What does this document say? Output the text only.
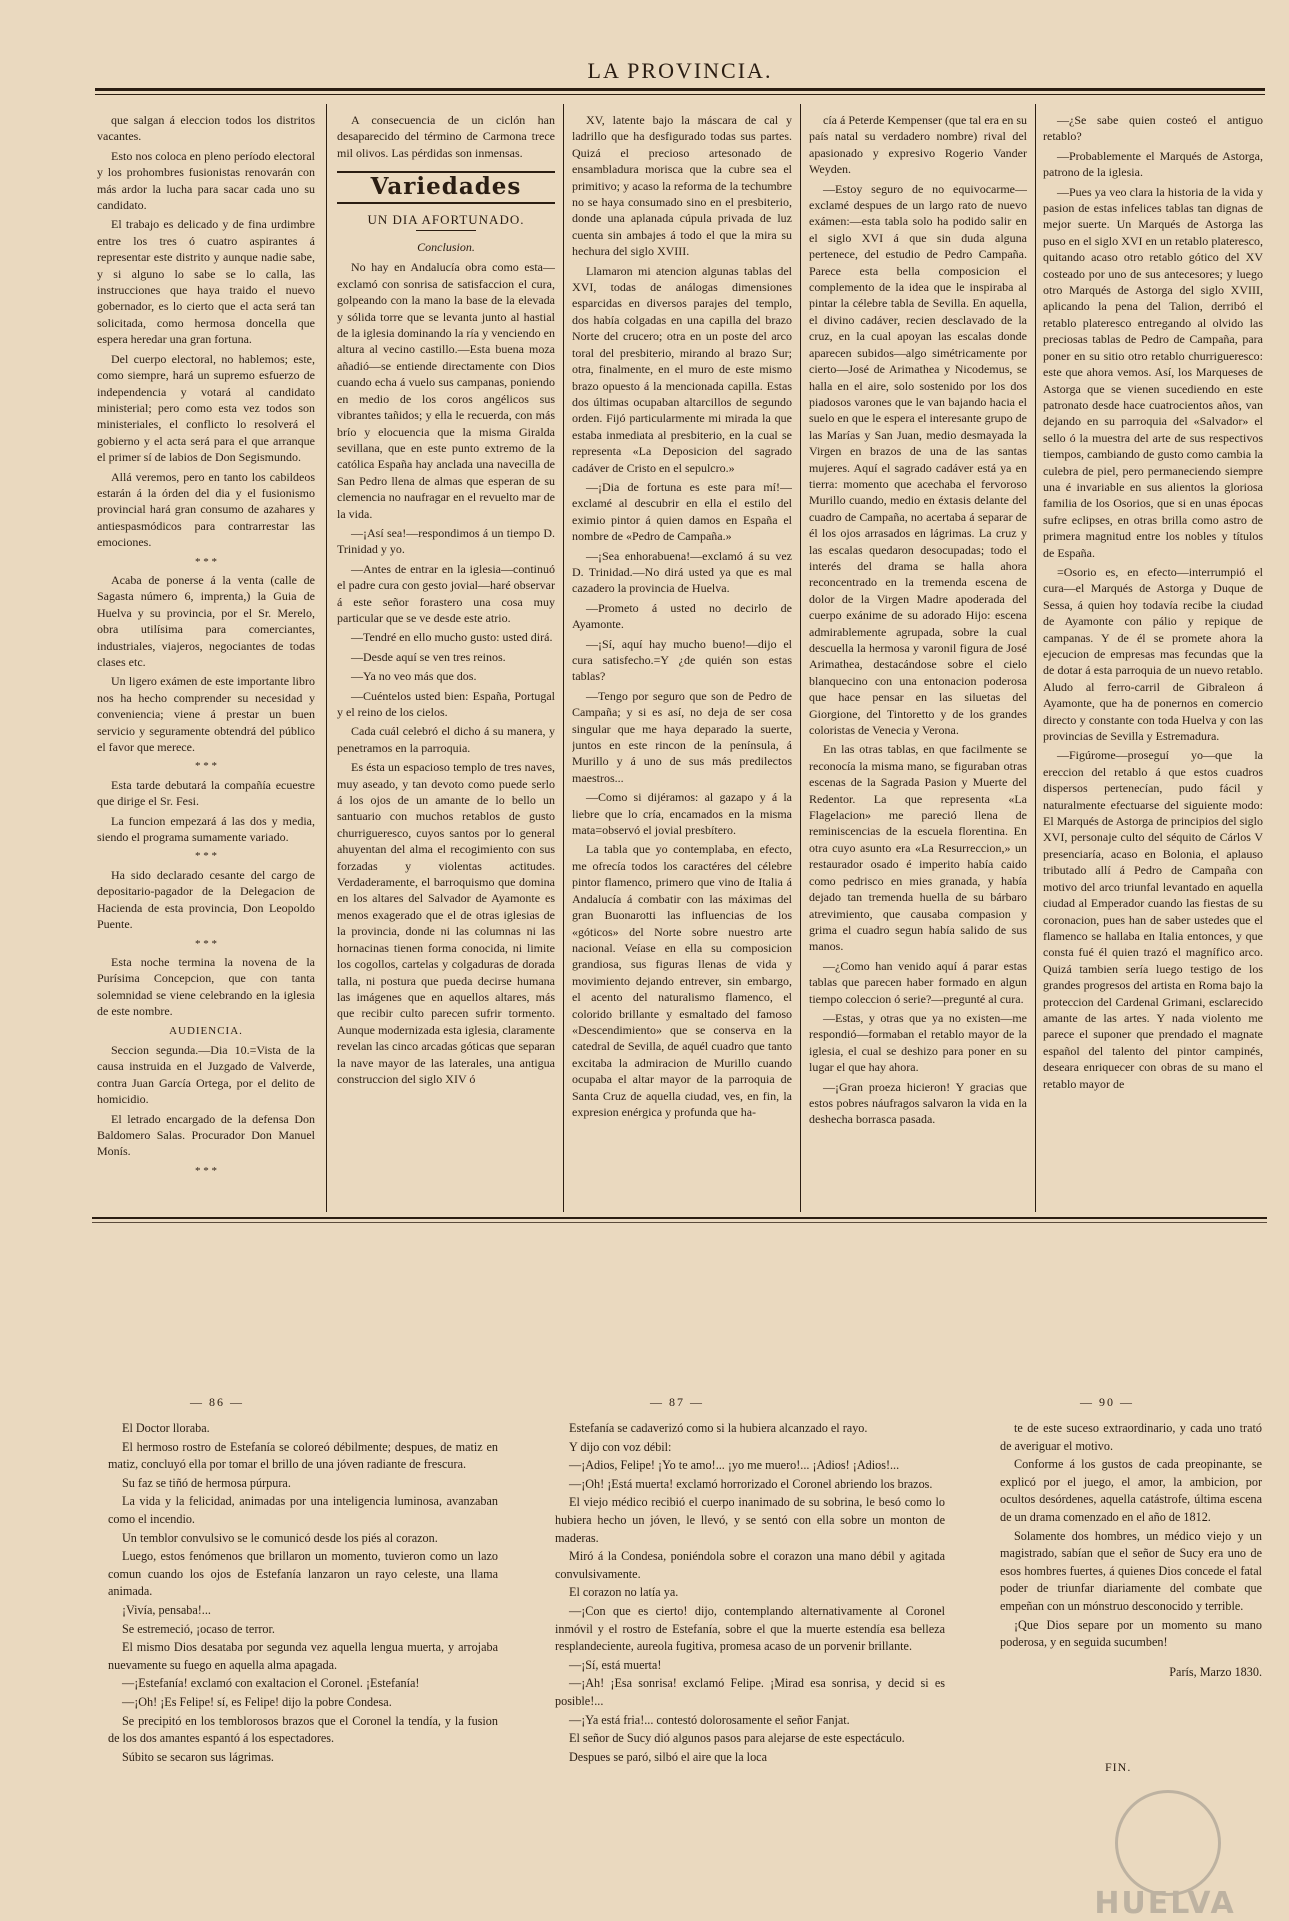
LA PROVINCIA.

que salgan á eleccion todos los distritos vacantes.

Esto nos coloca en pleno período electoral y los prohombres fusionistas renovarán con más ardor la lucha para sacar cada uno su candidato.

El trabajo es delicado y de fina urdimbre entre los tres ó cuatro aspirantes á representar este distrito y aunque nadie sabe, y si alguno lo sabe se lo calla, las instrucciones que haya traido el nuevo gobernador, es lo cierto que el acta será tan solicitada, como hermosa doncella que espera heredar una gran fortuna.

Del cuerpo electoral, no hablemos; este, como siempre, hará un supremo esfuerzo de independencia y votará al candidato ministerial; pero como esta vez todos son ministeriales, el conflicto lo resolverá el gobierno y el acta será para el que arranque el primer sí de labios de Don Segismundo.

Allá veremos, pero en tanto los cabildeos estarán á la órden del dia y el fusionismo provincial hará gran consumo de azahares y antiespasmódicos para contrarrestar las emociones.

* * *

Acaba de ponerse á la venta (calle de Sagasta número 6, imprenta,) la Guia de Huelva y su provincia, por el Sr. Merelo, obra utilísima para comerciantes, industriales, viajeros, negociantes de todas clases etc.

Un ligero exámen de este importante libro nos ha hecho comprender su necesidad y conveniencia; viene á prestar un buen servicio y seguramente obtendrá del público el favor que merece.

* * *

Esta tarde debutará la compañía ecuestre que dirige el Sr. Fesi.

La funcion empezará á las dos y media, siendo el programa sumamente variado.

* * *

Ha sido declarado cesante del cargo de depositario-pagador de la Delegacion de Hacienda de esta provincia, Don Leopoldo Puente.

* * *

Esta noche termina la novena de la Purísima Concepcion, que con tanta solemnidad se viene celebrando en la iglesia de este nombre.

AUDIENCIA.

Seccion segunda.—Dia 10.=Vista de la causa instruida en el Juzgado de Valverde, contra Juan García Ortega, por el delito de homicidio.

El letrado encargado de la defensa Don Baldomero Salas. Procurador Don Manuel Monís.

* * *

A consecuencia de un ciclón han desaparecido del término de Carmona trece mil olivos. Las pérdidas son inmensas.

Variedades
UN DIA AFORTUNADO.
Conclusion.

No hay en Andalucía obra como esta—exclamó con sonrisa de satisfaccion el cura, golpeando con la mano la base de la elevada y sólida torre que se levanta junto al hastial de la iglesia dominando la ría y venciendo en altura al vecino castillo.—Esta buena moza añadió—se entiende directamente con Dios cuando echa á vuelo sus campanas, poniendo en medio de los coros angélicos sus vibrantes tañidos; y ella le recuerda, con más brío y elocuencia que la misma Giralda sevillana, que en este punto extremo de la católica España hay anclada una navecilla de San Pedro llena de almas que esperan de su clemencia no naufragar en el revuelto mar de la vida.

—¡Así sea!—respondimos á un tiempo D. Trinidad y yo.

—Antes de entrar en la iglesia—continuó el padre cura con gesto jovial—haré observar á este señor forastero una cosa muy particular que se ve desde este atrio.

—Tendré en ello mucho gusto: usted dirá.

—Desde aquí se ven tres reinos.

—Ya no veo más que dos.

—Cuéntelos usted bien: España, Portugal y el reino de los cielos.

Cada cuál celebró el dicho á su manera, y penetramos en la parroquia.

Es ésta un espacioso templo de tres naves, muy aseado, y tan devoto como puede serlo á los ojos de un amante de lo bello un santuario con muchos retablos de gusto churrigueresco, cuyos santos por lo general ahuyentan del alma el recogimiento con sus forzadas y violentas actitudes. Verdaderamente, el barroquismo que domina en los altares del Salvador de Ayamonte es menos exagerado que el de otras iglesias de la provincia, donde ni las columnas ni las hornacinas tienen forma conocida, ni limite los cogollos, cartelas y colgaduras de dorada talla, ni postura que pueda decirse humana las imágenes que en aquellos altares, más que recibir culto parecen sufrir tormento. Aunque modernizada esta iglesia, claramente revelan las cinco arcadas góticas que separan la nave mayor de las laterales, una antigua construccion del siglo XIV ó

XV, latente bajo la máscara de cal y ladrillo que ha desfigurado todas sus partes. Quizá el precioso artesonado de ensambladura morisca que la cubre sea el primitivo; y acaso la reforma de la techumbre no se haya consumado sino en el presbiterio, donde una aplanada cúpula privada de luz cuenta sin ambajes á todo el que la mira su hechura del siglo XVIII.

Llamaron mi atencion algunas tablas del XVI, todas de análogas dimensiones esparcidas en diversos parajes del templo, dos había colgadas en una capilla del brazo Norte del crucero; otra en un poste del arco toral del presbiterio, mirando al brazo Sur; otra, finalmente, en el muro de este mismo brazo opuesto á la mencionada capilla. Estas dos últimas ocupaban altarcillos de segundo orden. Fijó particularmente mi mirada la que estaba inmediata al presbiterio, en la cual se representa «La Deposicion del sagrado cadáver de Cristo en el sepulcro.»

—¡Dia de fortuna es este para mí!—exclamé al descubrir en ella el estilo del eximio pintor á quien damos en España el nombre de «Pedro de Campaña.»

—¡Sea enhorabuena!—exclamó á su vez D. Trinidad.—No dirá usted ya que es mal cazadero la provincia de Huelva.

—Prometo á usted no decirlo de Ayamonte.

—¡Sí, aquí hay mucho bueno!—dijo el cura satisfecho.=Y ¿de quién son estas tablas?

—Tengo por seguro que son de Pedro de Campaña; y si es así, no deja de ser cosa singular que me haya deparado la suerte, juntos en este rincon de la península, á Murillo y á uno de sus más predilectos maestros...

—Como si dijéramos: al gazapo y á la liebre que lo cría, encamados en la misma mata=observó el jovial presbítero.

La tabla que yo contemplaba, en efecto, me ofrecía todos los caractéres del célebre pintor flamenco, primero que vino de Italia á Andalucía á combatir con las máximas del gran Buonarotti las influencias de los «góticos» del Norte sobre nuestro arte nacional. Veíase en ella su composicion grandiosa, sus figuras llenas de vida y movimiento dejando entrever, sin embargo, el acento del naturalismo flamenco, el colorido brillante y esmaltado del famoso «Descendimiento» que se conserva en la catedral de Sevilla, de aquél cuadro que tanto excitaba la admiracion de Murillo cuando ocupaba el altar mayor de la parroquia de Santa Cruz de aquella ciudad, ves, en fin, la expresion enérgica y profunda que ha-

cía á Peterde Kempenser (que tal era en su país natal su verdadero nombre) rival del apasionado y expresivo Rogerio Vander Weyden.

—Estoy seguro de no equivocarme—exclamé despues de un largo rato de nuevo exámen:—esta tabla solo ha podido salir en el siglo XVI á que sin duda alguna pertenece, del estudio de Pedro Campaña. Parece esta bella composicion el complemento de la idea que le inspiraba al pintar la célebre tabla de Sevilla. En aquella, el divino cadáver, recien desclavado de la cruz, en la cual apoyan las escalas donde aparecen subidos—algo simétricamente por cierto—José de Arimathea y Nicodemus, se halla en el aire, solo sostenido por los dos piadosos varones que le van bajando hacia el suelo en que le espera el interesante grupo de las Marías y San Juan, medio desmayada la Virgen en brazos de una de las santas mujeres. Aquí el sagrado cadáver está ya en tierra: momento que acechaba el fervoroso Murillo cuando, medio en éxtasis delante del cuadro de Campaña, no acertaba á separar de él los ojos arrasados en lágrimas. La cruz y las escalas quedaron desocupadas; todo el interés del drama se halla ahora reconcentrado en la tremenda escena de dolor de la Virgen Madre apoderada del cuerpo exánime de su adorado Hijo: escena admirablemente agrupada, sobre la cual descuella la hermosa y varonil figura de José Arimathea, destacándose sobre el cielo blanquecino con una entonacion poderosa que hace pensar en las siluetas del Giorgione, del Tintoretto y de los grandes coloristas de Venecia y Verona.

En las otras tablas, en que facilmente se reconocía la misma mano, se figuraban otras escenas de la Sagrada Pasion y Muerte del Redentor. La que representa «La Flagelacion» me pareció llena de reminiscencias de la escuela florentina. En otra cuyo asunto era «La Resurreccion,» un restaurador osado é imperito había caido como pedrisco en mies granada, y había dejado tan tremenda huella de su bárbaro atrevimiento, que causaba compasion y grima el cuadro segun había salido de sus manos.

—¿Como han venido aquí á parar estas tablas que parecen haber formado en algun tiempo coleccion ó serie?—pregunté al cura.

—Estas, y otras que ya no existen—me respondió—formaban el retablo mayor de la iglesia, el cual se deshizo para poner en su lugar el que hay ahora.

—¡Gran proeza hicieron! Y gracias que estos pobres náufragos salvaron la vida en la deshecha borrasca pasada.

—¿Se sabe quien costeó el antiguo retablo?

—Probablemente el Marqués de Astorga, patrono de la iglesia.

—Pues ya veo clara la historia de la vida y pasion de estas infelices tablas tan dignas de mejor suerte. Un Marqués de Astorga las puso en el siglo XVI en un retablo plateresco, quitando acaso otro retablo gótico del XV costeado por uno de sus antecesores; y luego otro Marqués de Astorga del siglo XVIII, aplicando la pena del Talion, derribó el retablo plateresco entregando al olvido las preciosas tablas de Pedro de Campaña, para poner en su sitio otro retablo churrigueresco: este que ahora vemos. Así, los Marqueses de Astorga que se vienen sucediendo en este patronato desde hace cuatrocientos años, van dejando en su parroquia del «Salvador» el sello ó la muestra del arte de sus respectivos tiempos, cambiando de gusto como cambia la culebra de piel, pero permaneciendo siempre una é invariable en sus alientos la gloriosa familia de los Osorios, que si en unas épocas sufre eclipses, en otras brilla como astro de primera magnitud entre los nobles y títulos de España.

=Osorio es, en efecto—interrumpió el cura—el Marqués de Astorga y Duque de Sessa, á quien hoy todavía recibe la ciudad de Ayamonte con pálio y repique de campanas. Y de él se promete ahora la ejecucion de empresas mas fecundas que la de dotar á esta parroquia de un nuevo retablo. Aludo al ferro-carril de Gibraleon á Ayamonte, que ha de ponernos en comercio directo y constante con toda Huelva y con las provincias de Sevilla y Estremadura.

—Figúrome—proseguí yo—que la ereccion del retablo á que estos cuadros dispersos pertenecían, pudo fácil y naturalmente efectuarse del siguiente modo: El Marqués de Astorga de principios del siglo XVI, personaje culto del séquito de Cárlos V presenciaría, acaso en Bolonia, el aplauso tributado allí á Pedro de Campaña con motivo del arco triunfal levantado en aquella ciudad al Emperador cuando las fiestas de su coronacion, pues han de saber ustedes que el flamenco se hallaba en Italia entonces, y que consta fué él quien trazó el magnífico arco. Quizá tambien sería luego testigo de los grandes progresos del artista en Roma bajo la proteccion del Cardenal Grimani, esclarecido amante de las artes. Y nada violento me parece el suponer que prendado el magnate español del talento del pintor campinés, deseara enriquecer con obras de su mano el retablo mayor de

— 86 —	— 87 —	— 90 —

El Doctor lloraba.

El hermoso rostro de Estefanía se coloreó débilmente; despues, de matiz en matiz, concluyó ella por tomar el brillo de una jóven radiante de frescura.

Su faz se tiñó de hermosa púrpura.

La vida y la felicidad, animadas por una inteligencia luminosa, avanzaban como el incendio.

Un temblor convulsivo se le comunicó desde los piés al corazon.

Luego, estos fenómenos que brillaron un momento, tuvieron como un lazo comun cuando los ojos de Estefanía lanzaron un rayo celeste, una llama animada.

¡Vivía, pensaba!...

Se estremeció, ¡ocaso de terror.

El mismo Dios desataba por segunda vez aquella lengua muerta, y arrojaba nuevamente su fuego en aquella alma apagada.

—¡Estefanía! exclamó con exaltacion el Coronel. ¡Estefanía!

—¡Oh! ¡Es Felipe! sí, es Felipe! dijo la pobre Condesa.

Se precipitó en los temblorosos brazos que el Coronel la tendía, y la fusion de los dos amantes espantó á los espectadores.

Súbito se secaron sus lágrimas.

Estefanía se cadaverizó como si la hubiera alcanzado el rayo.

Y dijo con voz débil:

—¡Adios, Felipe! ¡Yo te amo!... ¡yo me muero!... ¡Adios! ¡Adios!...

—¡Oh! ¡Está muerta! exclamó horrorizado el Coronel abriendo los brazos.

El viejo médico recibió el cuerpo inanimado de su sobrina, le besó como lo hubiera hecho un jóven, le llevó, y se sentó con ella sobre un monton de maderas.

Miró á la Condesa, poniéndola sobre el corazon una mano débil y agitada convulsivamente.

El corazon no latía ya.

—¡Con que es cierto! dijo, contemplando alternativamente al Coronel inmóvil y el rostro de Estefanía, sobre el que la muerte estendía esa belleza resplandeciente, aureola fugitiva, promesa acaso de un porvenir brillante.

—¡Sí, está muerta!

—¡Ah! ¡Esa sonrisa! exclamó Felipe. ¡Mirad esa sonrisa, y decid si es posible!...

—¡Ya está fria!... contestó dolorosamente el señor Fanjat.

El señor de Sucy dió algunos pasos para alejarse de este espectáculo.

Despues se paró, silbó el aire que la loca

te de este suceso extraordinario, y cada uno trató de averiguar el motivo.

Conforme á los gustos de cada preopinante, se explicó por el juego, el amor, la ambicion, por ocultos desórdenes, aquella catástrofe, última escena de un drama comenzado en el año de 1812.

Solamente dos hombres, un médico viejo y un magistrado, sabían que el señor de Sucy era uno de esos hombres fuertes, á quienes Dios concede el fatal poder de triunfar diariamente del combate que empeñan con un mónstruo desconocido y terrible.

¡Que Dios separe por un momento su mano poderosa, y en seguida sucumben!

París, Marzo 1830.
FIN.
HUELVA
